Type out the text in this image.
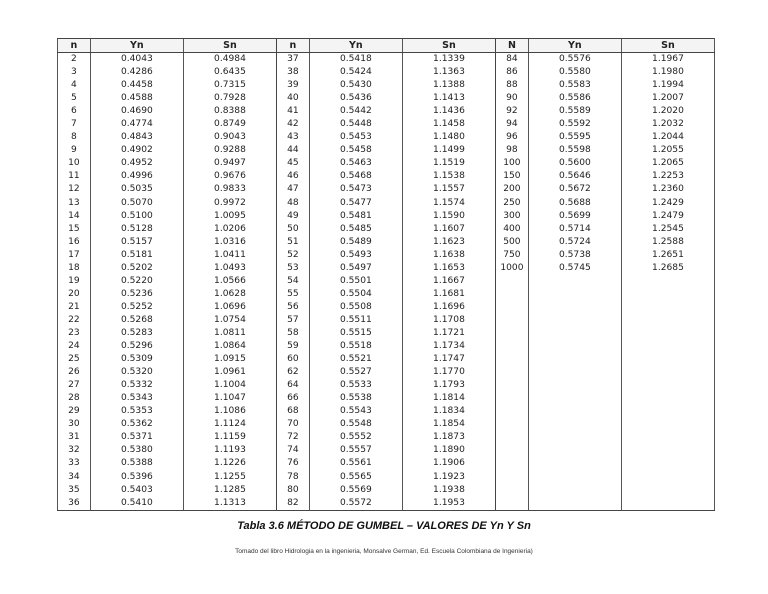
n	Yn	Sn	n	Yn	Sn	N	Yn	Sn
2	0.4043	0.4984	37	0.5418	1.1339	84	0.5576	1.1967
3	0.4286	0.6435	38	0.5424	1.1363	86	0.5580	1.1980
4	0.4458	0.7315	39	0.5430	1.1388	88	0.5583	1.1994
5	0.4588	0.7928	40	0.5436	1.1413	90	0.5586	1.2007
6	0.4690	0.8388	41	0.5442	1.1436	92	0.5589	1.2020
7	0.4774	0.8749	42	0.5448	1.1458	94	0.5592	1.2032
8	0.4843	0.9043	43	0.5453	1.1480	96	0.5595	1.2044
9	0.4902	0.9288	44	0.5458	1.1499	98	0.5598	1.2055
10	0.4952	0.9497	45	0.5463	1.1519	100	0.5600	1.2065
11	0.4996	0.9676	46	0.5468	1.1538	150	0.5646	1.2253
12	0.5035	0.9833	47	0.5473	1.1557	200	0.5672	1.2360
13	0.5070	0.9972	48	0.5477	1.1574	250	0.5688	1.2429
14	0.5100	1.0095	49	0.5481	1.1590	300	0.5699	1.2479
15	0.5128	1.0206	50	0.5485	1.1607	400	0.5714	1.2545
16	0.5157	1.0316	51	0.5489	1.1623	500	0.5724	1.2588
17	0.5181	1.0411	52	0.5493	1.1638	750	0.5738	1.2651
18	0.5202	1.0493	53	0.5497	1.1653	1000	0.5745	1.2685
19	0.5220	1.0566	54	0.5501	1.1667			
20	0.5236	1.0628	55	0.5504	1.1681			
21	0.5252	1.0696	56	0.5508	1.1696			
22	0.5268	1.0754	57	0.5511	1.1708			
23	0.5283	1.0811	58	0.5515	1.1721			
24	0.5296	1.0864	59	0.5518	1.1734			
25	0.5309	1.0915	60	0.5521	1.1747			
26	0.5320	1.0961	62	0.5527	1.1770			
27	0.5332	1.1004	64	0.5533	1.1793			
28	0.5343	1.1047	66	0.5538	1.1814			
29	0.5353	1.1086	68	0.5543	1.1834			
30	0.5362	1.1124	70	0.5548	1.1854			
31	0.5371	1.1159	72	0.5552	1.1873			
32	0.5380	1.1193	74	0.5557	1.1890			
33	0.5388	1.1226	76	0.5561	1.1906			
34	0.5396	1.1255	78	0.5565	1.1923			
35	0.5403	1.1285	80	0.5569	1.1938			
36	0.5410	1.1313	82	0.5572	1.1953			
Tabla 3.6 MÉTODO DE GUMBEL – VALORES DE Yn Y Sn
Tomado del libro Hidrologia en la ingenieria, Monsalve German, Ed. Escuela Colombiana de Ingenieria)
